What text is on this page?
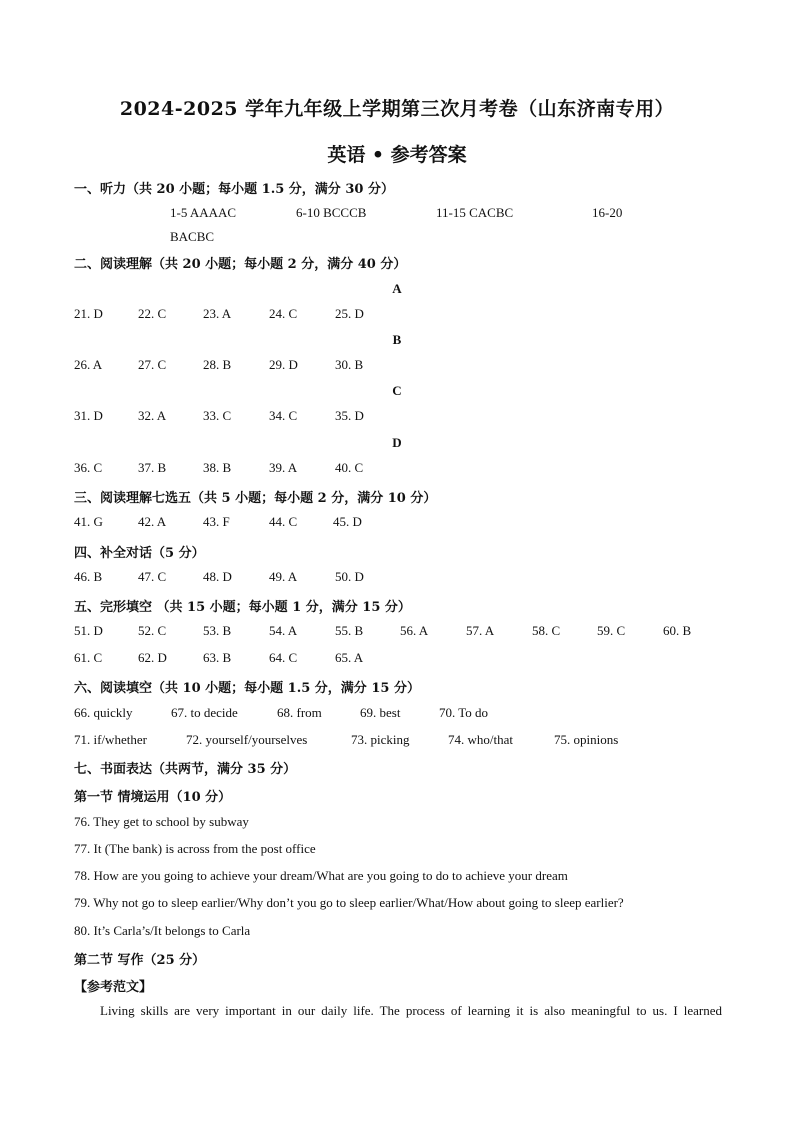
2024-2025 学年九年级上学期第三次月考卷（山东济南专用）
英语 • 参考答案
一、听力（共 20 小题；每小题 1.5 分，满分 30 分）
1-5 AAAAC	6-10 BCCCB	11-15 CACBC	16-20
BACBC
二、阅读理解（共 20 小题；每小题 2 分，满分 40 分）
A
21. D	22. C	23. A	24. C	25. D
B
26. A	27. C	28. B	29. D	30. B
C
31. D	32. A	33. C	34. C	35. D
D
36. C	37. B	38. B	39. A	40. C
三、阅读理解七选五（共 5 小题；每小题 2 分，满分 10 分）
41. G	42. A	43. F	44. C	45. D
四、补全对话（5 分）
46. B	47. C	48. D	49. A	50. D
五、完形填空 （共 15 小题；每小题 1 分，满分 15 分）
51. D	52. C	53. B	54. A	55. B	56. A	57. A	58. C	59. C	60. B
61. C	62. D	63. B	64. C	65. A
六、阅读填空（共 10 小题；每小题 1.5 分，满分 15 分）
66. quickly	67. to decide	68. from	69. best	70. To do
71. if/whether	72. yourself/yourselves	73. picking	74. who/that	75. opinions
七、书面表达（共两节，满分 35 分）
第一节 情境运用（10 分）
76. They get to school by subway
77. It (The bank) is across from the post office
78. How are you going to achieve your dream/What are you going to do to achieve your dream
79. Why not go to sleep earlier/Why don’t you go to sleep earlier/What/How about going to sleep earlier?
80. It’s Carla’s/It belongs to Carla
第二节 写作（25 分）
【参考范文】
Living skills are very important in our daily life. The process of learning it is also meaningful to us. I learned
